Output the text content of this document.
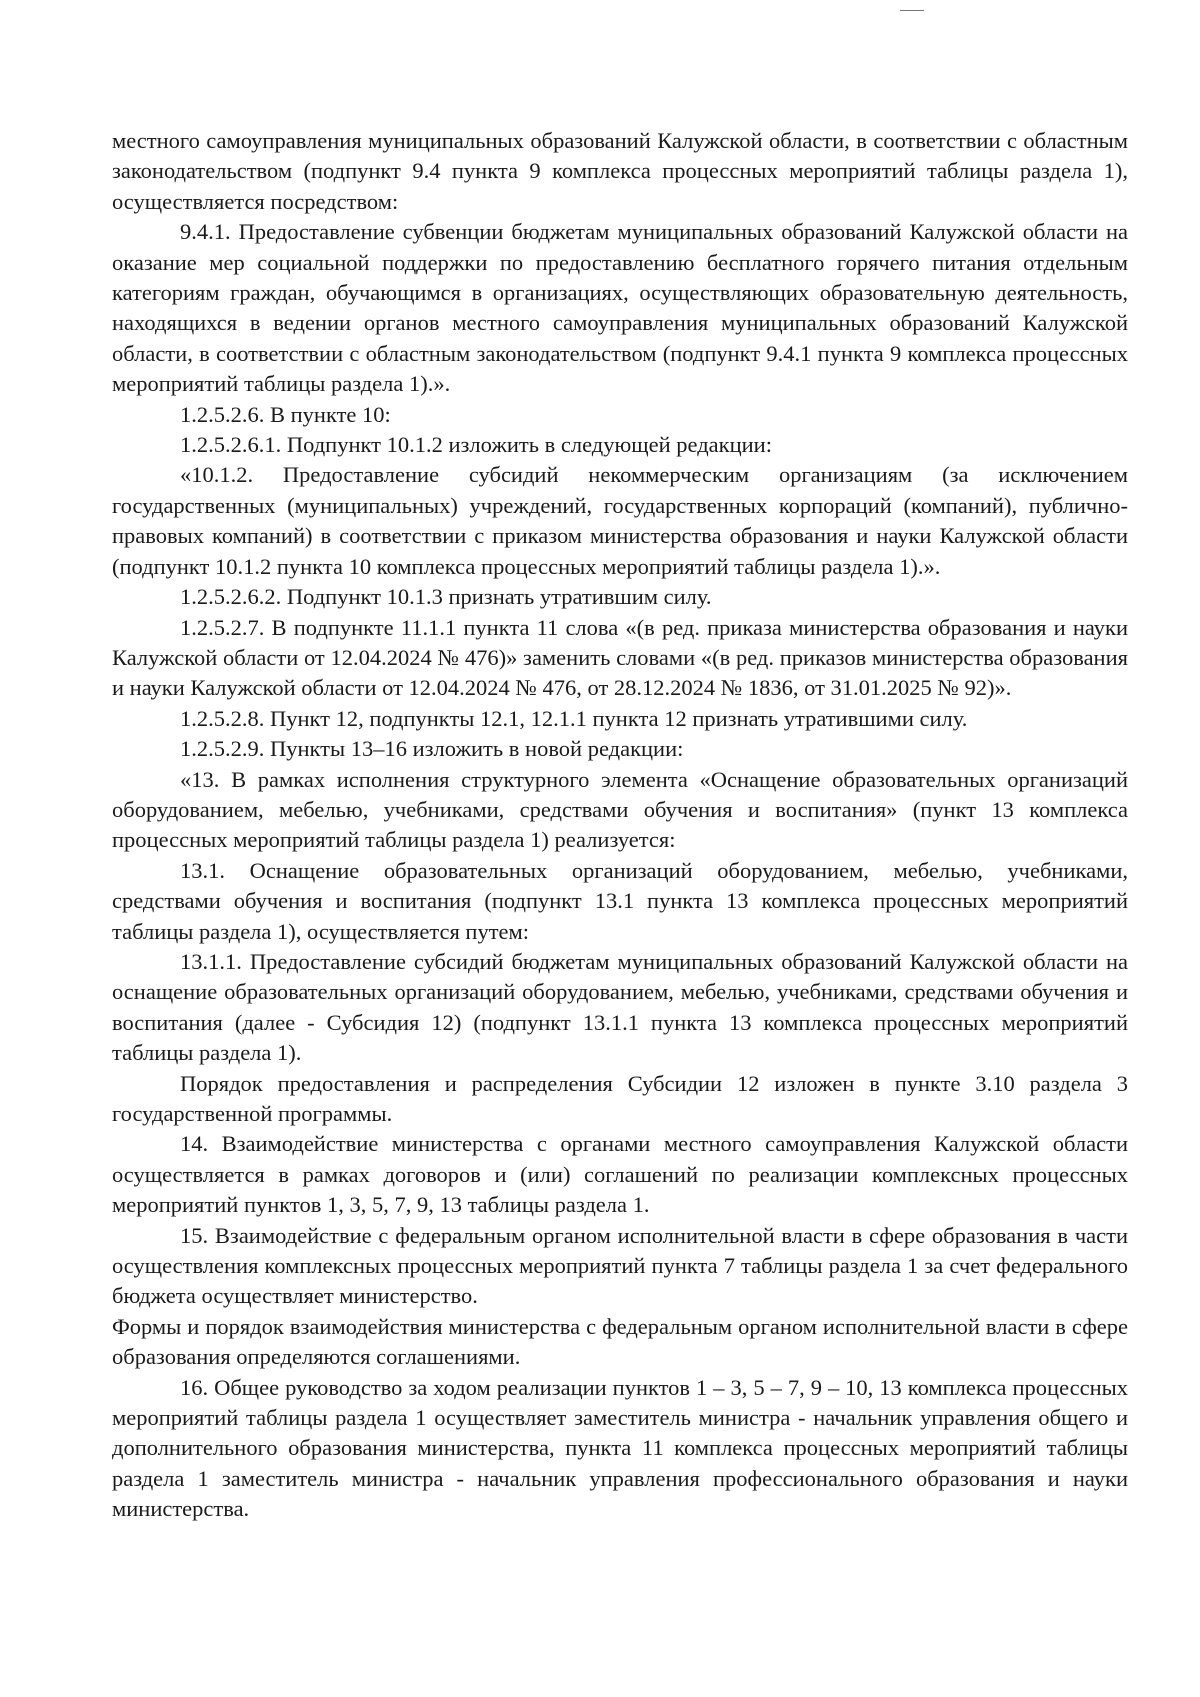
местного самоуправления муниципальных образований Калужской области, в соответствии с областным законодательством (подпункт 9.4 пункта 9 комплекса процессных мероприятий таблицы раздела 1), осуществляется посредством:

9.4.1. Предоставление субвенции бюджетам муниципальных образований Калужской области на оказание мер социальной поддержки по предоставлению бесплатного горячего питания отдельным категориям граждан, обучающимся в организациях, осуществляющих образовательную деятельность, находящихся в ведении органов местного самоуправления муниципальных образований Калужской области, в соответствии с областным законодательством (подпункт 9.4.1 пункта 9 комплекса процессных мероприятий таблицы раздела 1).».

1.2.5.2.6. В пункте 10:

1.2.5.2.6.1. Подпункт 10.1.2 изложить в следующей редакции:

«10.1.2. Предоставление субсидий некоммерческим организациям (за исключением государственных (муниципальных) учреждений, государственных корпораций (компаний), публично-правовых компаний) в соответствии с приказом министерства образования и науки Калужской области (подпункт 10.1.2 пункта 10 комплекса процессных мероприятий таблицы раздела 1).».

1.2.5.2.6.2. Подпункт 10.1.3 признать утратившим силу.

1.2.5.2.7. В подпункте 11.1.1 пункта 11 слова «(в ред. приказа министерства образования и науки Калужской области от 12.04.2024 № 476)» заменить словами «(в ред. приказов министерства образования и науки Калужской области от 12.04.2024 № 476, от 28.12.2024 № 1836, от 31.01.2025 № 92)».

1.2.5.2.8. Пункт 12, подпункты 12.1, 12.1.1 пункта 12 признать утратившими силу.

1.2.5.2.9. Пункты 13–16 изложить в новой редакции:

«13. В рамках исполнения структурного элемента «Оснащение образовательных организаций оборудованием, мебелью, учебниками, средствами обучения и воспитания» (пункт 13 комплекса процессных мероприятий таблицы раздела 1) реализуется:

13.1. Оснащение образовательных организаций оборудованием, мебелью, учебниками, средствами обучения и воспитания (подпункт 13.1 пункта 13 комплекса процессных мероприятий таблицы раздела 1), осуществляется путем:

13.1.1. Предоставление субсидий бюджетам муниципальных образований Калужской области на оснащение образовательных организаций оборудованием, мебелью, учебниками, средствами обучения и воспитания (далее - Субсидия 12) (подпункт 13.1.1 пункта 13 комплекса процессных мероприятий таблицы раздела 1).

Порядок предоставления и распределения Субсидии 12 изложен в пункте 3.10 раздела 3 государственной программы.

14. Взаимодействие министерства с органами местного самоуправления Калужской области осуществляется в рамках договоров и (или) соглашений по реализации комплексных процессных мероприятий пунктов 1, 3, 5, 7, 9, 13 таблицы раздела 1.

15. Взаимодействие с федеральным органом исполнительной власти в сфере образования в части осуществления комплексных процессных мероприятий пункта 7 таблицы раздела 1 за счет федерального бюджета осуществляет министерство.

Формы и порядок взаимодействия министерства с федеральным органом исполнительной власти в сфере образования определяются соглашениями.

16. Общее руководство за ходом реализации пунктов 1 – 3, 5 – 7, 9 – 10, 13 комплекса процессных мероприятий таблицы раздела 1 осуществляет заместитель министра - начальник управления общего и дополнительного образования министерства, пункта 11 комплекса процессных мероприятий таблицы раздела 1 заместитель министра - начальник управления профессионального образования и науки министерства.
